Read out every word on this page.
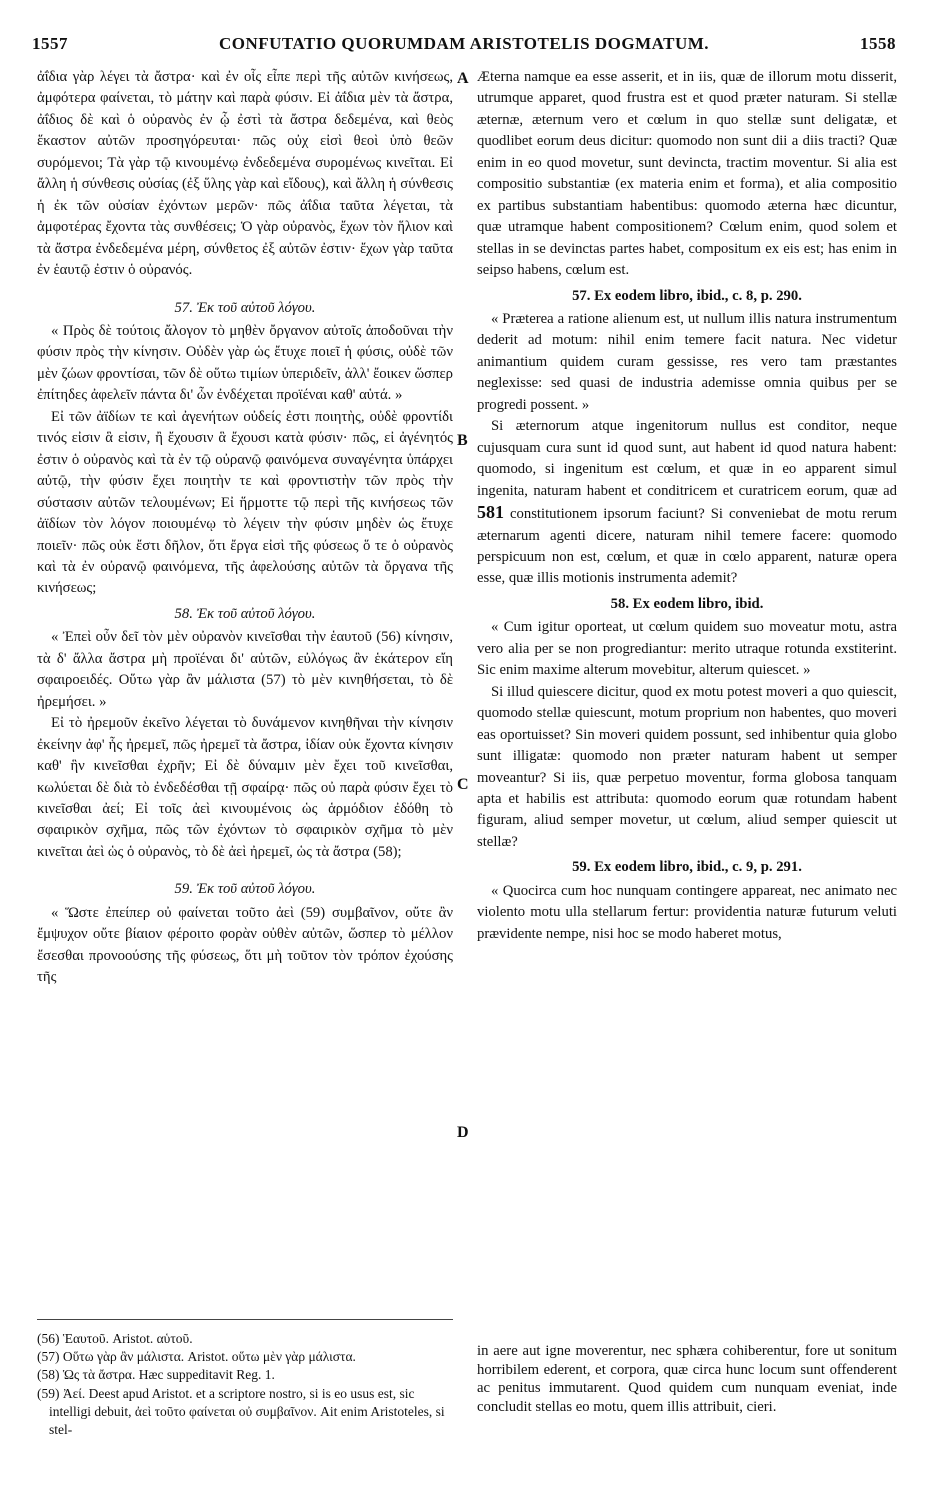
1557	CONFUTATIO QUORUMDAM ARISTOTELIS DOGMATUM.	1558
A
B
C
D

ἀΐδια γὰρ λέγει τὰ ἄστρα· καὶ ἐν οἷς εἶπε περὶ τῆς αὐτῶν κινήσεως, ἀμφότερα φαίνεται, τὸ μάτην καὶ παρὰ φύσιν. Εἰ ἀΐδια μὲν τὰ ἄστρα, ἀΐδιος δὲ καὶ ὁ οὐρανὸς ἐν ᾧ ἐστὶ τὰ ἄστρα δεδεμένα, καὶ θεὸς ἕκαστον αὐτῶν προσηγόρευται· πῶς οὐχ εἰσὶ θεοὶ ὑπὸ θεῶν συρόμενοι; Τὰ γὰρ τῷ κινουμένῳ ἐνδεδεμένα συρομένως κινεῖται. Εἰ ἄλλη ἡ σύνθεσις οὐσίας (ἐξ ὕλης γὰρ καὶ εἴδους), καὶ ἄλλη ἡ σύνθεσις ἡ ἐκ τῶν οὐσίαν ἐχόντων μερῶν· πῶς ἀΐδια ταῦτα λέγεται, τὰ ἀμφοτέρας ἔχοντα τὰς συνθέσεις; Ὁ γὰρ οὐρανὸς, ἔχων τὸν ἥλιον καὶ τὰ ἄστρα ἐνδεδεμένα μέρη, σύνθετος ἐξ αὐτῶν ἐστιν· ἔχων γὰρ ταῦτα ἐν ἑαυτῷ ἐστιν ὁ οὐρανός.

57. Ἐκ τοῦ αὐτοῦ λόγου.

« Πρὸς δὲ τούτοις ἄλογον τὸ μηθὲν ὄργανον αὐτοῖς ἀποδοῦναι τὴν φύσιν πρὸς τὴν κίνησιν. Οὐδὲν γὰρ ὡς ἔτυχε ποιεῖ ἡ φύσις, οὐδὲ τῶν μὲν ζώων φροντίσαι, τῶν δὲ οὕτω τιμίων ὑπεριδεῖν, ἀλλ' ἔοικεν ὥσπερ ἐπίτηδες ἀφελεῖν πάντα δι' ὧν ἐνδέχεται προϊέναι καθ' αὑτά. »

Εἰ τῶν ἀϊδίων τε καὶ ἀγενήτων οὐδείς ἐστι ποιητὴς, οὐδὲ φροντίδι τινός εἰσιν ἃ εἰσιν, ἢ ἔχουσιν ἃ ἔχουσι κατὰ φύσιν· πῶς, εἰ ἀγένητός ἐστιν ὁ οὐρανὸς καὶ τὰ ἐν τῷ οὐρανῷ φαινόμενα συναγένητα ὑπάρχει αὐτῷ, τὴν φύσιν ἔχει ποιητὴν τε καὶ φροντιστὴν τῶν πρὸς τὴν σύστασιν αὐτῶν τελουμένων; Εἰ ἥρμοττε τῷ περὶ τῆς κινήσεως τῶν ἀϊδίων τὸν λόγον ποιουμένῳ τὸ λέγειν τὴν φύσιν μηδὲν ὡς ἔτυχε ποιεῖν· πῶς οὐκ ἔστι δῆλον, ὅτι ἔργα εἰσὶ τῆς φύσεως ὅ τε ὁ οὐρανὸς καὶ τὰ ἐν οὐρανῷ φαινόμενα, τῆς ἀφελούσης αὐτῶν τὰ ὄργανα τῆς κινήσεως;

58. Ἐκ τοῦ αὐτοῦ λόγου.

« Ἐπεὶ οὖν δεῖ τὸν μὲν οὐρανὸν κινεῖσθαι τὴν ἑαυτοῦ (56) κίνησιν, τὰ δ' ἄλλα ἄστρα μὴ προϊέναι δι' αὑτῶν, εὐλόγως ἂν ἑκάτερον εἴη σφαιροειδές. Οὕτω γὰρ ἂν μάλιστα (57) τὸ μὲν κινηθήσεται, τὸ δὲ ἠρεμήσει. »

Εἰ τὸ ἠρεμοῦν ἐκεῖνο λέγεται τὸ δυνάμενον κινηθῆναι τὴν κίνησιν ἐκείνην ἀφ' ἧς ἠρεμεῖ, πῶς ἠρεμεῖ τὰ ἄστρα, ἰδίαν οὐκ ἔχοντα κίνησιν καθ' ἣν κινεῖσθαι ἐχρῆν; Εἰ δὲ δύναμιν μὲν ἔχει τοῦ κινεῖσθαι, κωλύεται δὲ διὰ τὸ ἐνδεδέσθαι τῇ σφαίρᾳ· πῶς οὐ παρὰ φύσιν ἔχει τὸ κινεῖσθαι ἀεί; Εἰ τοῖς ἀεὶ κινουμένοις ὡς ἁρμόδιον ἐδόθη τὸ σφαιρικὸν σχῆμα, πῶς τῶν ἐχόντων τὸ σφαιρικὸν σχῆμα τὸ μὲν κινεῖται ἀεὶ ὡς ὁ οὐρανὸς, τὸ δὲ ἀεὶ ἠρεμεῖ, ὡς τὰ ἄστρα (58);

59. Ἐκ τοῦ αὐτοῦ λόγου.

« Ὥστε ἐπείπερ οὐ φαίνεται τοῦτο ἀεὶ (59) συμβαῖνον, οὔτε ἂν ἔμψυχον οὔτε βίαιον φέροιτο φορὰν οὐθὲν αὐτῶν, ὥσπερ τὸ μέλλον ἔσεσθαι προνοούσης τῆς φύσεως, ὅτι μὴ τοῦτον τὸν τρόπον ἐχούσης τῆς

Æterna namque ea esse asserit, et in iis, quæ de illorum motu disserit, utrumque apparet, quod frustra est et quod præter naturam. Si stellæ æternæ, æternum vero et cœlum in quo stellæ sunt deligatæ, et quodlibet eorum deus dicitur: quomodo non sunt dii a diis tracti? Quæ enim in eo quod movetur, sunt devincta, tractim moventur. Si alia est compositio substantiæ (ex materia enim et forma), et alia compositio ex partibus substantiam habentibus: quomodo æterna hæc dicuntur, quæ utramque habent compositionem? Cœlum enim, quod solem et stellas in se devinctas partes habet, compositum ex eis est; has enim in seipso habens, cœlum est.

57. Ex eodem libro, ibid., c. 8, p. 290.

« Præterea a ratione alienum est, ut nullum illis natura instrumentum dederit ad motum: nihil enim temere facit natura. Nec videtur animantium quidem curam gessisse, res vero tam præstantes neglexisse: sed quasi de industria ademisse omnia quibus per se progredi possent. »

Si æternorum atque ingenitorum nullus est conditor, neque cujusquam cura sunt id quod sunt, aut habent id quod natura habent: quomodo, si ingenitum est cœlum, et quæ in eo apparent simul ingenita, naturam habent et conditricem et curatricem eorum, quæ ad 581 constitutionem ipsorum faciunt? Si conveniebat de motu rerum æternarum agenti dicere, naturam nihil temere facere: quomodo perspicuum non est, cœlum, et quæ in cœlo apparent, naturæ opera esse, quæ illis motionis instrumenta ademit?

58. Ex eodem libro, ibid.

« Cum igitur oporteat, ut cœlum quidem suo moveatur motu, astra vero alia per se non progrediantur: merito utraque rotunda exstiterint. Sic enim maxime alterum movebitur, alterum quiescet. »

Si illud quiescere dicitur, quod ex motu potest moveri a quo quiescit, quomodo stellæ quiescunt, motum proprium non habentes, quo moveri eas oportuisset? Sin moveri quidem possunt, sed inhibentur quia globo sunt illigatæ: quomodo non præter naturam habent ut semper moveantur? Si iis, quæ perpetuo moventur, forma globosa tanquam apta et habilis est attributa: quomodo eorum quæ rotundam habent figuram, aliud semper movetur, ut cœlum, aliud semper quiescit ut stellæ?

59. Ex eodem libro, ibid., c. 9, p. 291.

« Quocirca cum hoc nunquam contingere appareat, nec animato nec violento motu ulla stellarum fertur: providentia naturæ futurum veluti prævidente nempe, nisi hoc se modo haberet motus,

(56) Ἑαυτοῦ. Aristot. αὑτοῦ.

(57) Οὕτω γὰρ ἂν μάλιστα. Aristot. οὕτω μὲν γὰρ μάλιστα.

(58) Ὡς τὰ ἄστρα. Hæc suppeditavit Reg. 1.

(59) Ἀεί. Deest apud Aristot. et a scriptore nostro, si is eo usus est, sic intelligi debuit, ἀεὶ τοῦτο φαίνεται οὐ συμβαῖνον. Ait enim Aristoteles, si stel-

in aere aut igne moverentur, nec sphæra cohiberentur, fore ut sonitum horribilem ederent, et corpora, quæ circa hunc locum sunt offenderent ac penitus immutarent. Quod quidem cum nunquam eveniat, inde concludit stellas eo motu, quem illis attribuit, cieri.
